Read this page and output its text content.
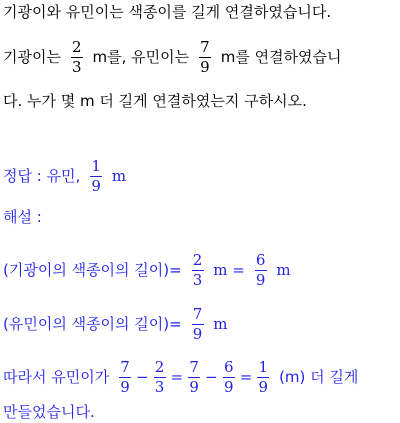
기광이와 유민이는 색종이를 길게 연결하였습니다.
기광이는 $\frac{2}{3}$ m를, 유민이는 $\frac{7}{9}$ m를 연결하였습니
다. 누가 몇 m 더 길게 연결하였는지 구하시오.
정답 : 유민, $\frac{1}{9}$ m
해설 :
(기광이의 색종이의 길이)= $\frac{2}{3}$ $m = \frac{6}{9}$ m
(유민이의 색종이의 길이)= $\frac{7}{9}$ m
따라서 유민이가 $\frac{7}{9} - \frac{2}{3} = \frac{7}{9} - \frac{6}{9} = \frac{1}{9} (m)$ 더 길게
만들었습니다.
